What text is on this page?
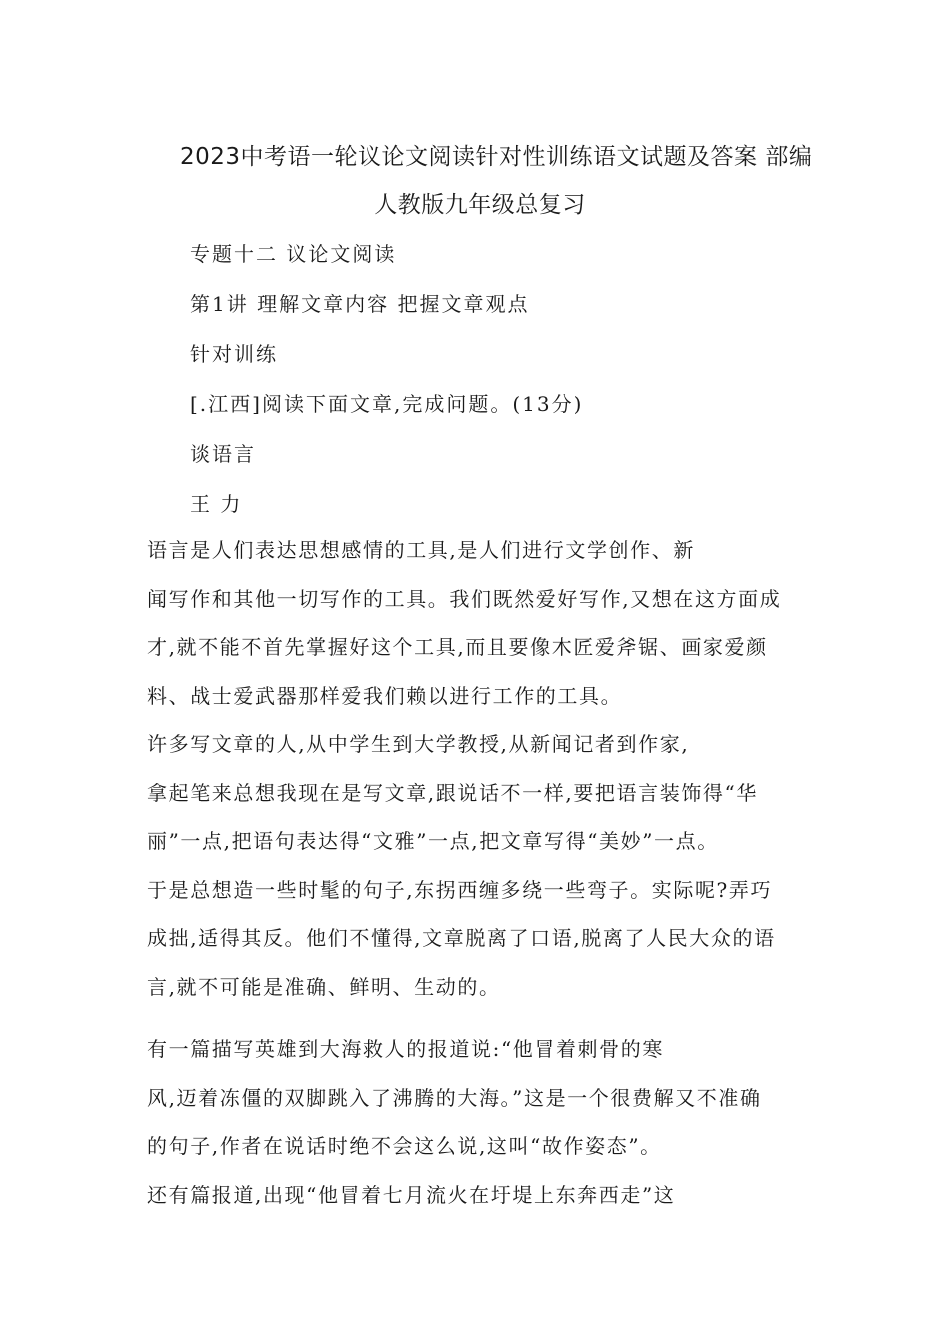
2023中考语一轮议论文阅读针对性训练语文试题及答案 部编
人教版九年级总复习
专题十二 议论文阅读
第1讲 理解文章内容 把握文章观点
针对训练
[.江西]阅读下面文章,完成问题。(13分)
谈语言
王 力
语言是人们表达思想感情的工具,是人们进行文学创作、新
闻写作和其他一切写作的工具。我们既然爱好写作,又想在这方面成
才,就不能不首先掌握好这个工具,而且要像木匠爱斧锯、画家爱颜
料、战士爱武器那样爱我们赖以进行工作的工具。
许多写文章的人,从中学生到大学教授,从新闻记者到作家,
拿起笔来总想我现在是写文章,跟说话不一样,要把语言装饰得“华
丽”一点,把语句表达得“文雅”一点,把文章写得“美妙”一点。
于是总想造一些时髦的句子,东拐西缠多绕一些弯子。实际呢?弄巧
成拙,适得其反。他们不懂得,文章脱离了口语,脱离了人民大众的语
言,就不可能是准确、鲜明、生动的。
有一篇描写英雄到大海救人的报道说:“他冒着刺骨的寒
风,迈着冻僵的双脚跳入了沸腾的大海。”这是一个很费解又不准确
的句子,作者在说话时绝不会这么说,这叫“故作姿态”。
还有篇报道,出现“他冒着七月流火在圩堤上东奔西走”这
